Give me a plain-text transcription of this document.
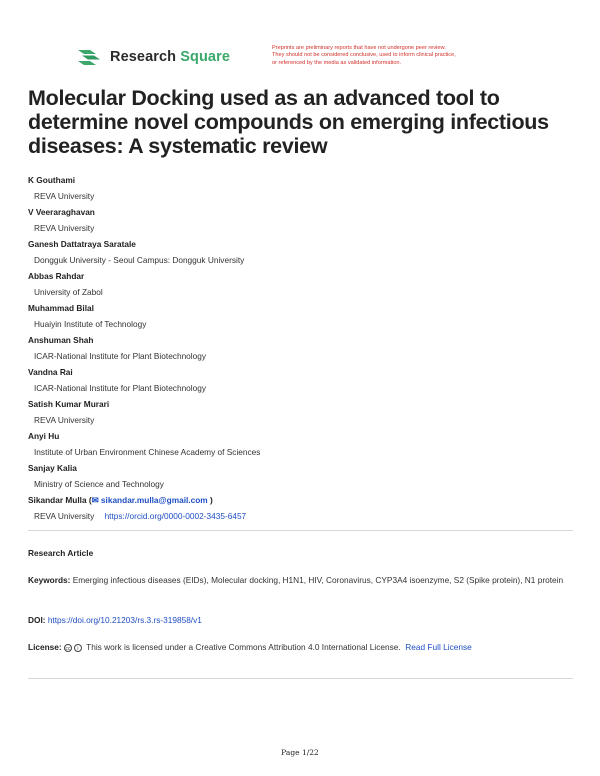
Research Square
Preprints are preliminary reports that have not undergone peer review.
They should not be considered conclusive, used to inform clinical practice,
or referenced by the media as validated information.
Molecular Docking used as an advanced tool to determine novel compounds on emerging infectious diseases: A systematic review
K Gouthami
REVA University
V Veeraraghavan
REVA University
Ganesh Dattatraya Saratale
Dongguk University - Seoul Campus: Dongguk University
Abbas Rahdar
University of Zabol
Muhammad Bilal
Huaiyin Institute of Technology
Anshuman Shah
ICAR-National Institute for Plant Biotechnology
Vandna Rai
ICAR-National Institute for Plant Biotechnology
Satish Kumar Murari
REVA University
Anyi Hu
Institute of Urban Environment Chinese Academy of Sciences
Sanjay Kalia
Ministry of Science and Technology
Sikandar Mulla (✉ sikandar.mulla@gmail.com )
REVA University https://orcid.org/0000-0002-3435-6457
Research Article
Keywords: Emerging infectious diseases (EIDs), Molecular docking, H1N1, HIV, Coronavirus, CYP3A4 isoenzyme, S2 (Spike protein), N1 protein
DOI: https://doi.org/10.21203/rs.3.rs-319858/v1
License: cc i This work is licensed under a Creative Commons Attribution 4.0 International License. Read Full License
Page 1/22
